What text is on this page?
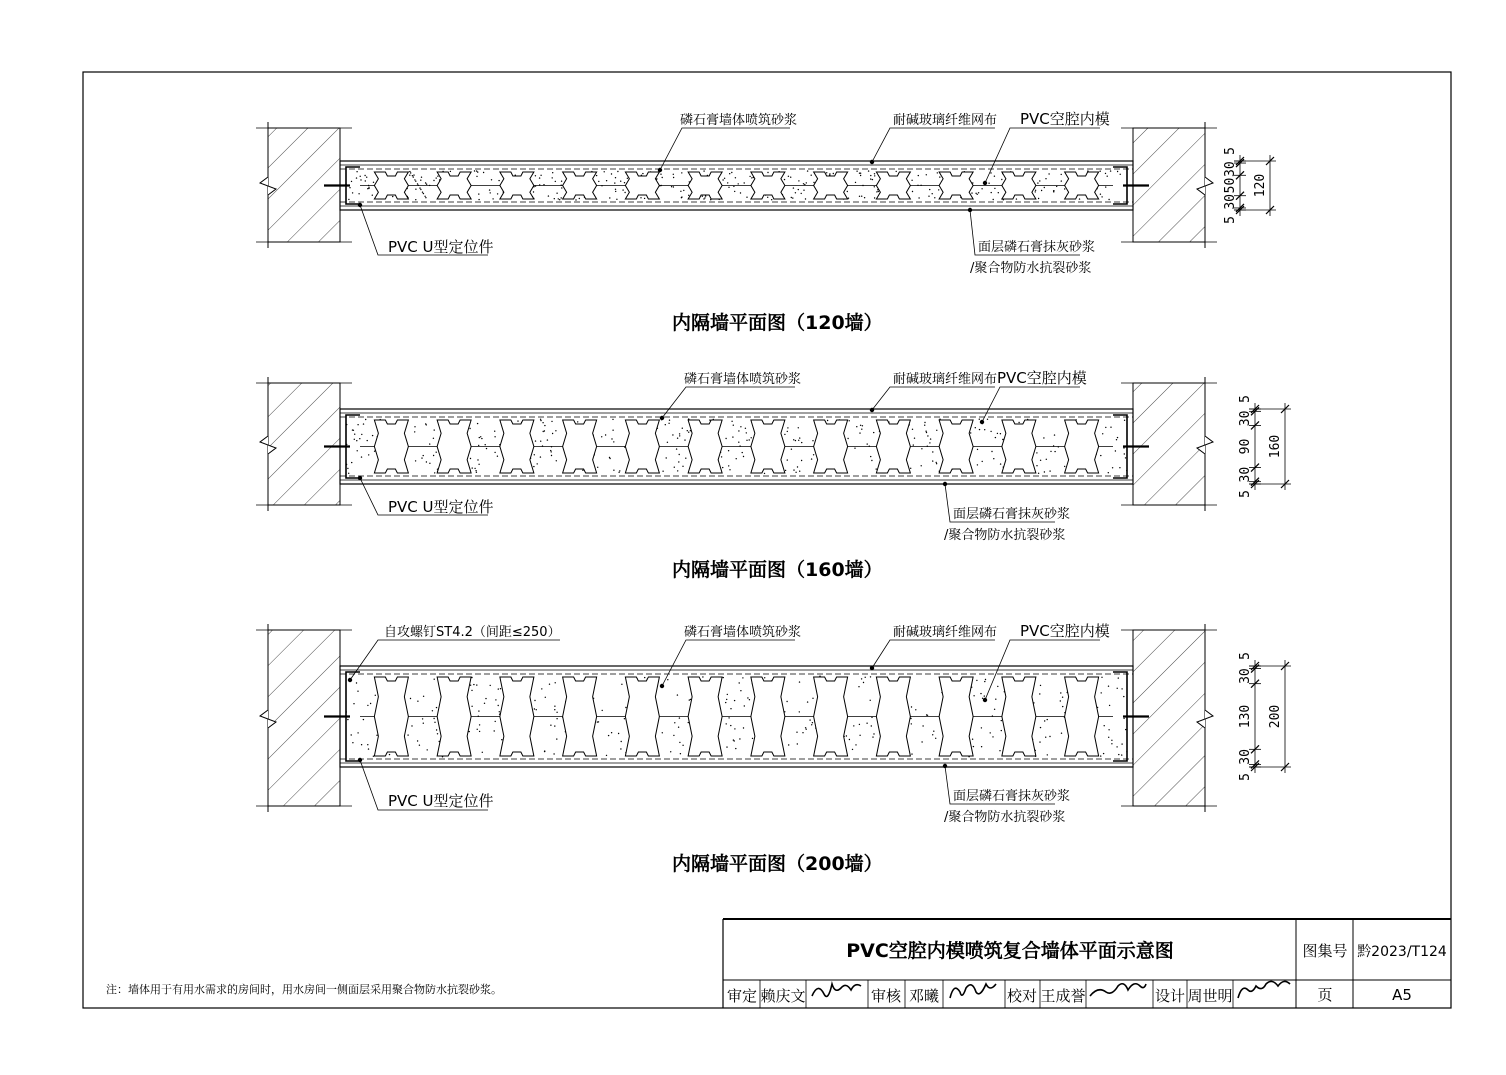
5
30
50
30
5
120
磷石膏墙体喷筑砂浆	耐碱玻璃纤维网布 PVC空腔内模
PVC U型定位件	面层磷石膏抹灰砂浆
/聚合物防水抗裂砂浆
内隔墙平面图（120墙）
5
30
90
30
5
160
磷石膏墙体喷筑砂浆	耐碱玻璃纤维网布 PVC空腔内模
PVC U型定位件	面层磷石膏抹灰砂浆
/聚合物防水抗裂砂浆
内隔墙平面图（160墙）
5
30
130
30
5
200
自攻螺钉ST4.2（间距≤250）	磷石膏墙体喷筑砂浆	耐碱玻璃纤维网布 PVC空腔内模
PVC U型定位件	面层磷石膏抹灰砂浆
/聚合物防水抗裂砂浆
内隔墙平面图（200墙）
注：墙体用于有用水需求的房间时，用水房间一侧面层采用聚合物防水抗裂砂浆。
PVC空腔内模喷筑复合墙体平面示意图	图集号 黔2023/T124
页	A5
审定 赖庆文	审核 邓曦	校对 王成誉	设计 周世明
